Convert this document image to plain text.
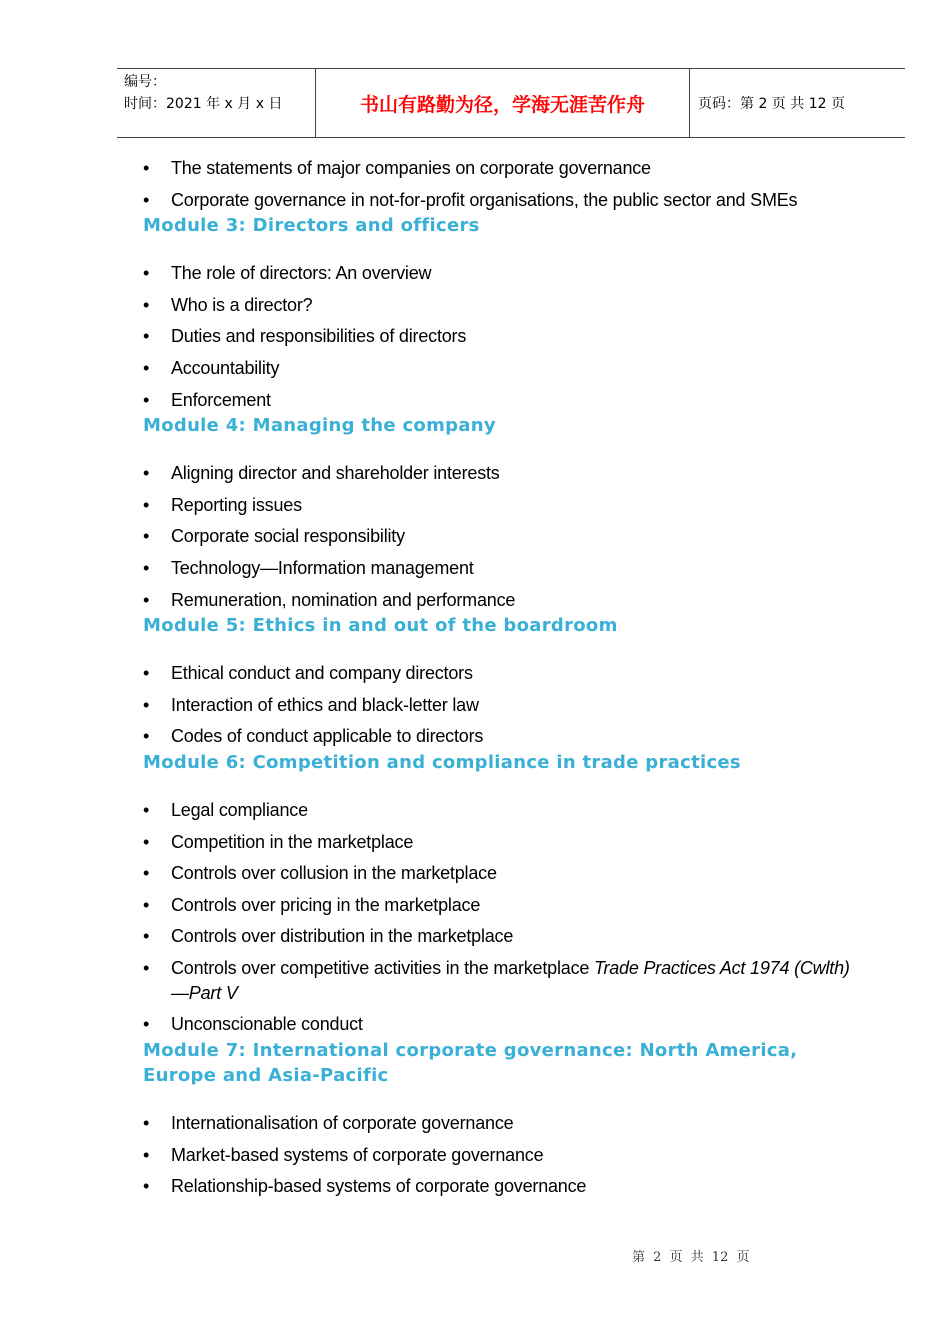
编号：
时间：2021 年 x 月 x 日	书山有路勤为径，学海无涯苦作舟	页码：第 2 页 共 12 页
• The statements of major companies on corporate governance
• Corporate governance in not-for-profit organisations, the public sector and SMEs
Module 3: Directors and officers
• The role of directors: An overview
• Who is a director?
• Duties and responsibilities of directors
• Accountability
• Enforcement
Module 4: Managing the company
• Aligning director and shareholder interests
• Reporting issues
• Corporate social responsibility
• Technology—Information management
• Remuneration, nomination and performance
Module 5: Ethics in and out of the boardroom
• Ethical conduct and company directors
• Interaction of ethics and black-letter law
• Codes of conduct applicable to directors
Module 6: Competition and compliance in trade practices
• Legal compliance
• Competition in the marketplace
• Controls over collusion in the marketplace
• Controls over pricing in the marketplace
• Controls over distribution in the marketplace
• Controls over competitive activities in the marketplace Trade Practices Act 1974 (Cwlth)—Part V
• Unconscionable conduct
Module 7: International corporate governance: North America, Europe and Asia-Pacific
• Internationalisation of corporate governance
• Market-based systems of corporate governance
• Relationship-based systems of corporate governance
第 2 页 共 12 页
